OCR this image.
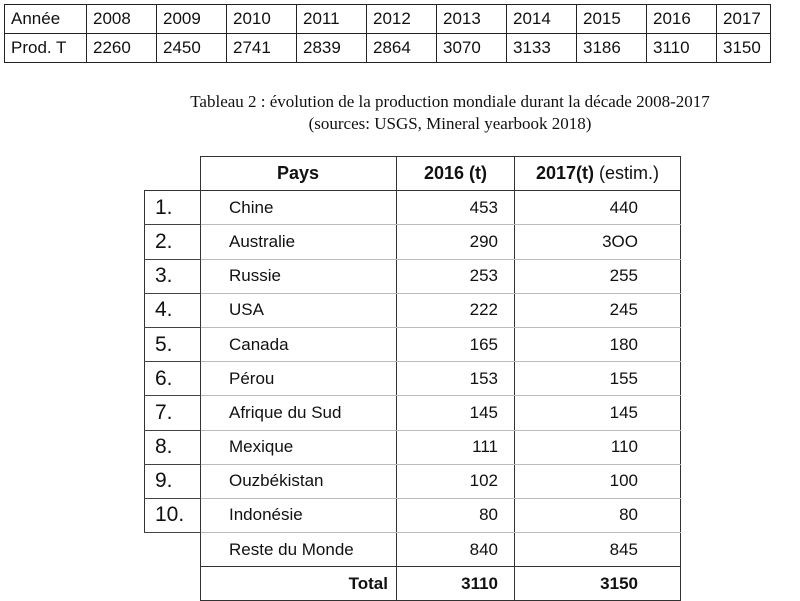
Année	2008	2009	2010	2011	2012	2013	2014	2015	2016	2017
Prod. T	2260	2450	2741	2839	2864	3070	3133	3186	3110	3150
Tableau 2 : évolution de la production mondiale durant la décade 2008-2017
(sources: USGS, Mineral yearbook 2018)
	Pays	2016 (t)	2017(t) (estim.)
1.	Chine	453	440
2.	Australie	290	3OO
3.	Russie	253	255
4.	USA	222	245
5.	Canada	165	180
6.	Pérou	153	155
7.	Afrique du Sud	145	145
8.	Mexique	111	110
9.	Ouzbékistan	102	100
10.	Indonésie	80	80
	Reste du Monde	840	845
	Total	3110	3150
